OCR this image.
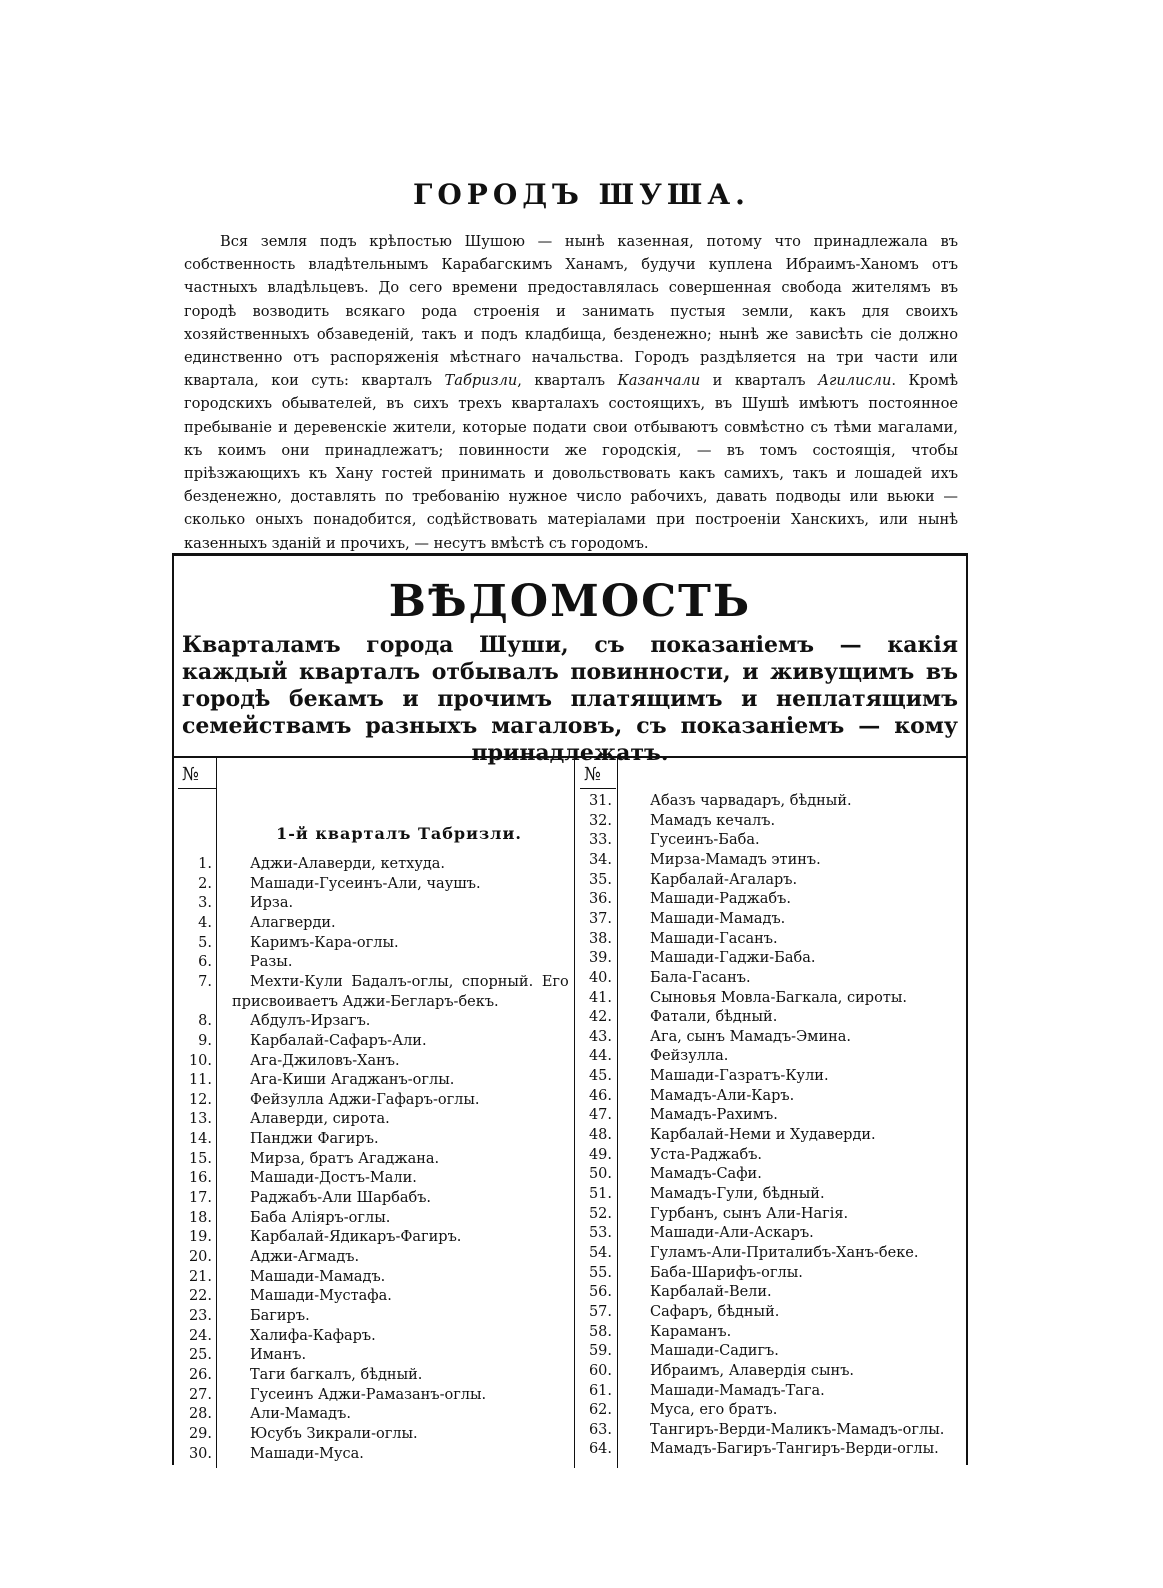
ГОРОДЪ ШУША.
Вся земля подъ крѣпостью Шушою — нынѣ казенная, потому что принадлежала въ собственность владѣтельнымъ Карабагскимъ Ханамъ, будучи куплена Ибраимъ-Ханомъ отъ частныхъ владѣльцевъ. До сего времени предоставлялась совершенная свобода жителямъ въ городѣ возводить всякаго рода строенія и занимать пустыя земли, какъ для своихъ хозяйственныхъ обзаведеній, такъ и подъ кладбища, безденежно; нынѣ же зависѣть сіе должно единственно отъ распоряженія мѣстнаго начальства. Городъ раздѣляется на три части или квартала, кои суть: кварталъ Табризли, кварталъ Казанчали и кварталъ Агилисли. Кромѣ городскихъ обывателей, въ сихъ трехъ кварталахъ состоящихъ, въ Шушѣ имѣютъ постоянное пребываніе и деревенскіе жители, которые подати свои отбываютъ совмѣстно съ тѣми магалами, къ коимъ они принадлежатъ; повинности же городскія, — въ томъ состоящія, чтобы пріѣзжающихъ къ Хану гостей принимать и довольствовать какъ самихъ, такъ и лошадей ихъ безденежно, доставлять по требованію нужное число рабочихъ, давать подводы или вьюки — сколько оныхъ понадобится, содѣйствовать матеріалами при построеніи Ханскихъ, или нынѣ казенныхъ зданій и прочихъ, — несутъ вмѣстѣ съ городомъ.
ВѢДОМОСТЬ
Кварталамъ города Шуши, съ показаніемъ — какія каждый кварталъ отбывалъ повинности, и живущимъ въ городѣ бекамъ и прочимъ платящимъ и неплатящимъ семействамъ разныхъ магаловъ, съ показаніемъ — кому принадлежатъ.
№	№
1-й кварталъ Табризли.
1.	Аджи-Алаверди, кетхуда.
2.	Машади-Гусеинъ-Али, чаушъ.
3.	Ирза.
4.	Алагверди.
5.	Каримъ-Кара-оглы.
6.	Разы.
7.	Мехти-Кули Бадалъ-оглы, спорный. Его
присвоиваетъ Аджи-Бегларъ-бекъ.
8.	Абдулъ-Ирзагъ.
9.	Карбалай-Сафаръ-Али.
10.	Ага-Джиловъ-Ханъ.
11.	Ага-Киши Агаджанъ-оглы.
12.	Фейзулла Аджи-Гафаръ-оглы.
13.	Алаверди, сирота.
14.	Панджи Фагиръ.
15.	Мирза, братъ Агаджана.
16.	Машади-Достъ-Мали.
17.	Раджабъ-Али Шарбабъ.
18.	Баба Аліяръ-оглы.
19.	Карбалай-Ядикаръ-Фагиръ.
20.	Аджи-Агмадъ.
21.	Машади-Мамадъ.
22.	Машади-Мустафа.
23.	Багиръ.
24.	Халифа-Кафаръ.
25.	Иманъ.
26.	Таги багкалъ, бѣдный.
27.	Гусеинъ Аджи-Рамазанъ-оглы.
28.	Али-Мамадъ.
29.	Юсубъ Зикрали-оглы.
30.	Машади-Муса.
31.	Абазъ чарвадаръ, бѣдный.
32.	Мамадъ кечалъ.
33.	Гусеинъ-Баба.
34.	Мирза-Мамадъ этинъ.
35.	Карбалай-Агаларъ.
36.	Машади-Раджабъ.
37.	Машади-Мамадъ.
38.	Машади-Гасанъ.
39.	Машади-Гаджи-Баба.
40.	Бала-Гасанъ.
41.	Сыновья Мовла-Багкала, сироты.
42.	Фатали, бѣдный.
43.	Ага, сынъ Мамадъ-Эмина.
44.	Фейзулла.
45.	Машади-Газратъ-Кули.
46.	Мамадъ-Али-Каръ.
47.	Мамадъ-Рахимъ.
48.	Карбалай-Неми и Худаверди.
49.	Уста-Раджабъ.
50.	Мамадъ-Сафи.
51.	Мамадъ-Гули, бѣдный.
52.	Гурбанъ, сынъ Али-Нагія.
53.	Машади-Али-Аскаръ.
54.	Гуламъ-Али-Приталибъ-Ханъ-беке.
55.	Баба-Шарифъ-оглы.
56.	Карбалай-Вели.
57.	Сафаръ, бѣдный.
58.	Караманъ.
59.	Машади-Садигъ.
60.	Ибраимъ, Алавердія сынъ.
61.	Машади-Мамадъ-Тага.
62.	Муса, его братъ.
63.	Тангиръ-Верди-Маликъ-Мамадъ-оглы.
64.	Мамадъ-Багиръ-Тангиръ-Верди-оглы.
